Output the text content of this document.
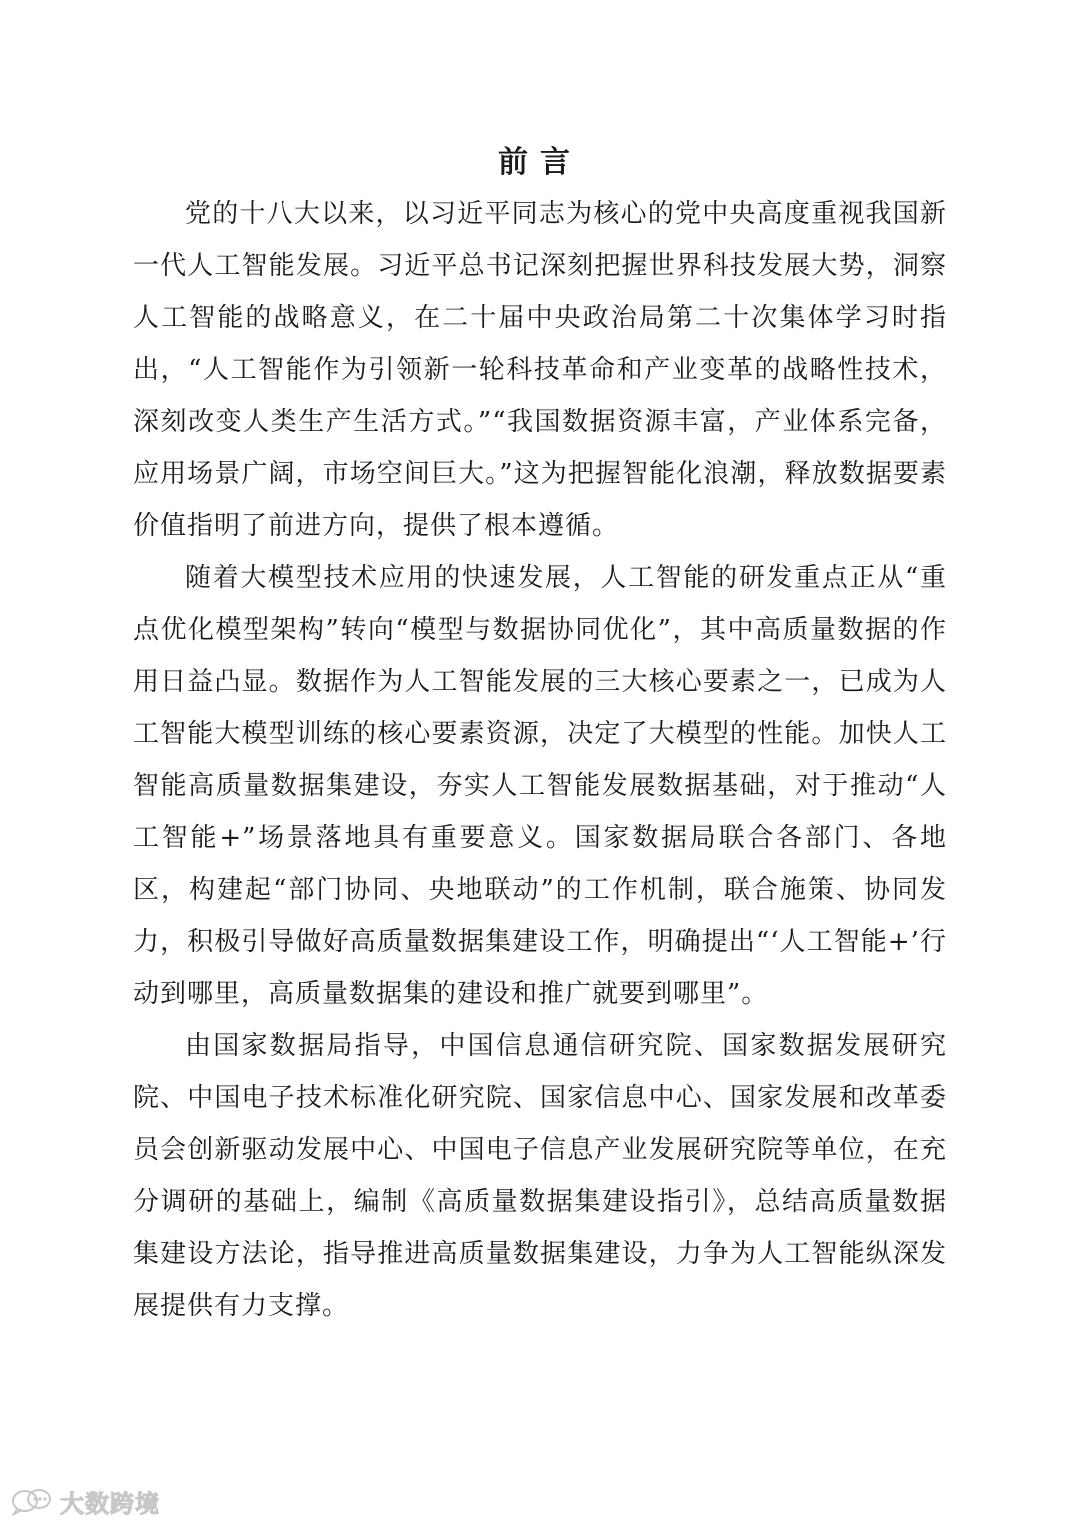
前言

党的十八大以来，以习近平同志为核心的党中央高度重视我国新一代人工智能发展。习近平总书记深刻把握世界科技发展大势，洞察人工智能的战略意义，在二十届中央政治局第二十次集体学习时指出，“人工智能作为引领新一轮科技革命和产业变革的战略性技术，深刻改变人类生产生活方式。”“我国数据资源丰富，产业体系完备，应用场景广阔，市场空间巨大。”这为把握智能化浪潮，释放数据要素价值指明了前进方向，提供了根本遵循。

随着大模型技术应用的快速发展，人工智能的研发重点正从“重点优化模型架构”转向“模型与数据协同优化”，其中高质量数据的作用日益凸显。数据作为人工智能发展的三大核心要素之一，已成为人工智能大模型训练的核心要素资源，决定了大模型的性能。加快人工智能高质量数据集建设，夯实人工智能发展数据基础，对于推动“人工智能+”场景落地具有重要意义。国家数据局联合各部门、各地区，构建起“部门协同、央地联动”的工作机制，联合施策、协同发力，积极引导做好高质量数据集建设工作，明确提出“‘人工智能+’行动到哪里，高质量数据集的建设和推广就要到哪里”。

由国家数据局指导，中国信息通信研究院、国家数据发展研究院、中国电子技术标准化研究院、国家信息中心、国家发展和改革委员会创新驱动发展中心、中国电子信息产业发展研究院等单位，在充分调研的基础上，编制《高质量数据集建设指引》，总结高质量数据集建设方法论，指导推进高质量数据集建设，力争为人工智能纵深发展提供有力支撑。

大数跨境
